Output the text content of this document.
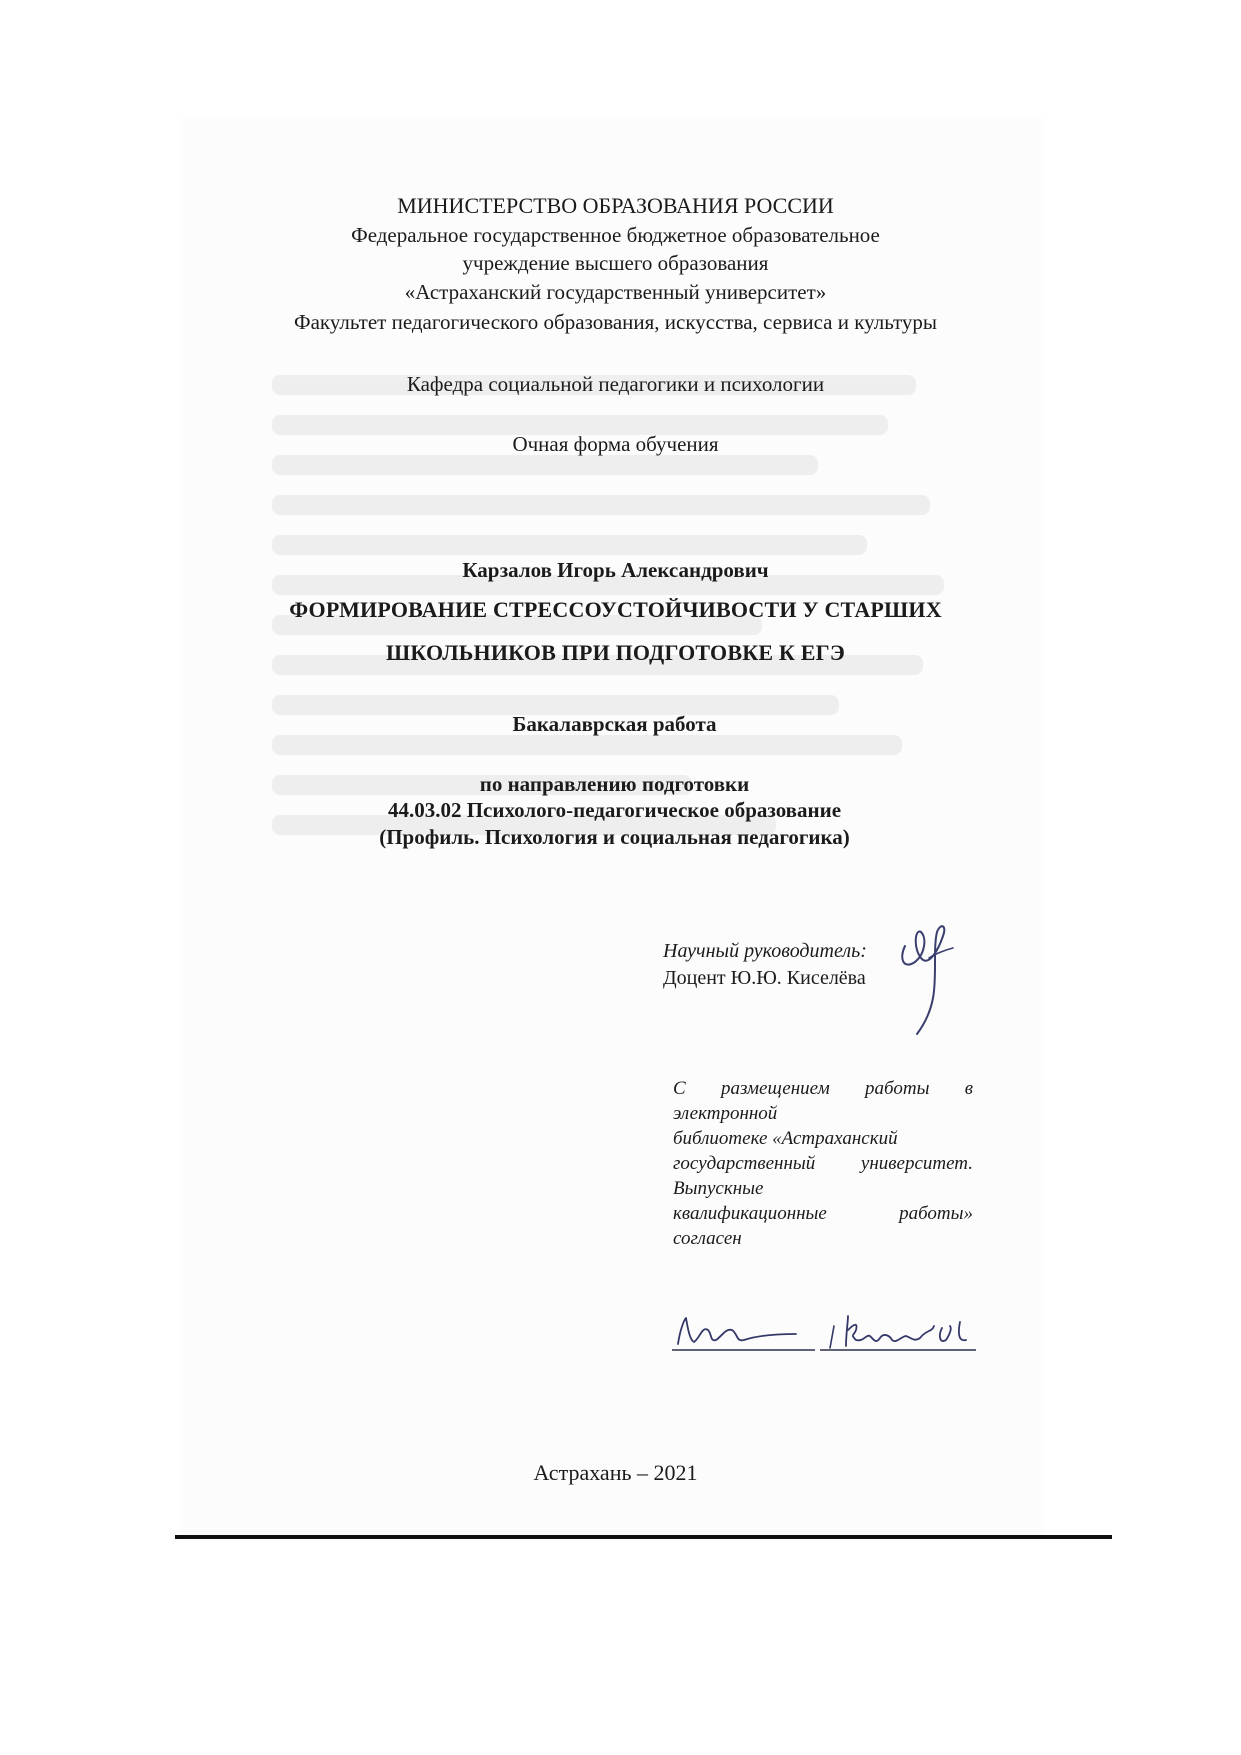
МИНИСТЕРСТВО ОБРАЗОВАНИЯ РОССИИ
Федеральное государственное бюджетное образовательное
учреждение высшего образования
«Астраханский государственный университет»
Факультет педагогического образования, искусства, сервиса и культуры
Кафедра социальной педагогики и психологии
Очная форма обучения
Карзалов Игорь Александрович
ФОРМИРОВАНИЕ СТРЕССОУСТОЙЧИВОСТИ У СТАРШИХ
ШКОЛЬНИКОВ ПРИ ПОДГОТОВКЕ К ЕГЭ
Бакалаврская работа
по направлению подготовки
44.03.02 Психолого-педагогическое образование
(Профиль. Психология и социальная педагогика)
Научный руководитель:
Доцент Ю.Ю. Киселёва
С размещением работы в
электронной
библиотеке «Астраханский
государственный университет.
Выпускные
квалификационные	работы»
согласен
Астрахань – 2021
